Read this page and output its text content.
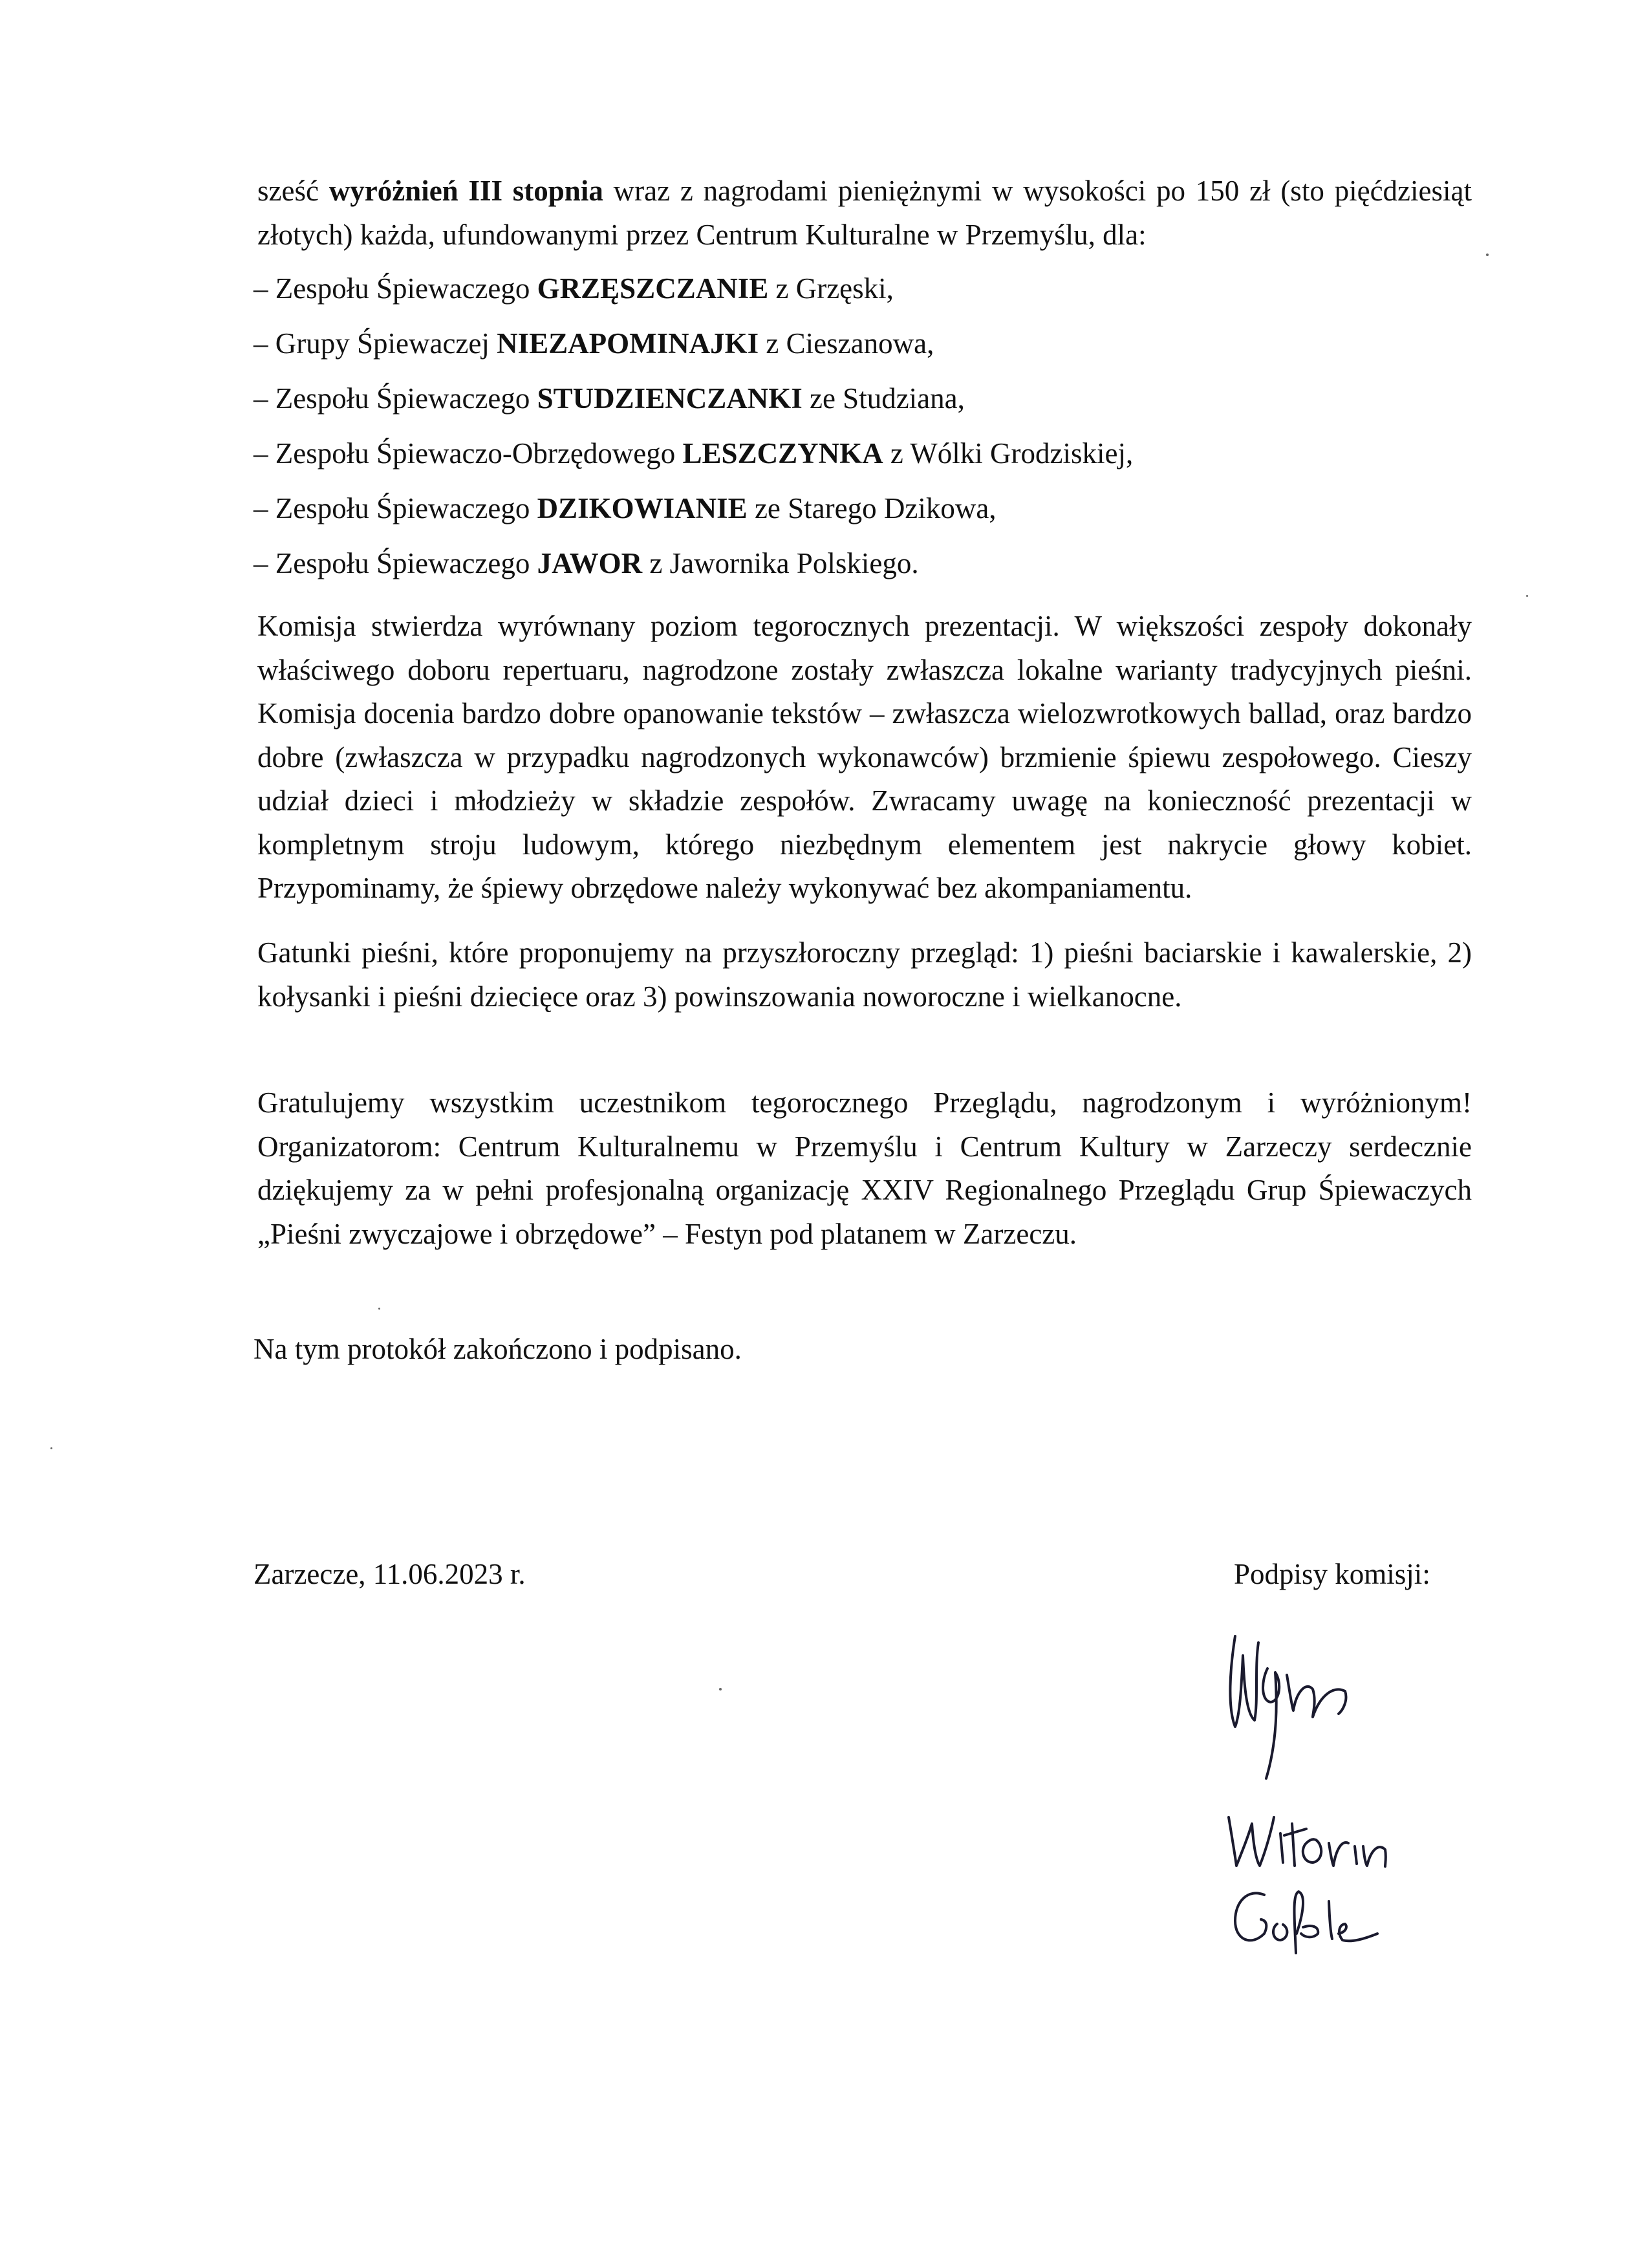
sześć wyróżnień III stopnia wraz z nagrodami pieniężnymi w wysokości po 150 zł (sto pięćdziesiąt złotych) każda, ufundowanymi przez Centrum Kulturalne w Przemyślu, dla:
– Zespołu Śpiewaczego GRZĘSZCZANIE z Grzęski,
– Grupy Śpiewaczej NIEZAPOMINAJKI z Cieszanowa,
– Zespołu Śpiewaczego STUDZIENCZANKI ze Studziana,
– Zespołu Śpiewaczo-Obrzędowego LESZCZYNKA z Wólki Grodziskiej,
– Zespołu Śpiewaczego DZIKOWIANIE ze Starego Dzikowa,
– Zespołu Śpiewaczego JAWOR z Jawornika Polskiego.
Komisja stwierdza wyrównany poziom tegorocznych prezentacji. W większości zespoły dokonały właściwego doboru repertuaru, nagrodzone zostały zwłaszcza lokalne warianty tradycyjnych pieśni. Komisja docenia bardzo dobre opanowanie tekstów – zwłaszcza wielozwrotkowych ballad, oraz bardzo dobre (zwłaszcza w przypadku nagrodzonych wykonawców) brzmienie śpiewu zespołowego. Cieszy udział dzieci i młodzieży w składzie zespołów. Zwracamy uwagę na konieczność prezentacji w kompletnym stroju ludowym, którego niezbędnym elementem jest nakrycie głowy kobiet. Przypominamy, że śpiewy obrzędowe należy wykonywać bez akompaniamentu.
Gatunki pieśni, które proponujemy na przyszłoroczny przegląd: 1) pieśni baciarskie i kawalerskie, 2) kołysanki i pieśni dziecięce oraz 3) powinszowania noworoczne i wielkanocne.
Gratulujemy wszystkim uczestnikom tegorocznego Przeglądu, nagrodzonym i wyróżnionym! Organizatorom: Centrum Kulturalnemu w Przemyślu i Centrum Kultury w Zarzeczy serdecznie dziękujemy za w pełni profesjonalną organizację XXIV Regionalnego Przeglądu Grup Śpiewaczych „Pieśni zwyczajowe i obrzędowe” – Festyn pod platanem w Zarzeczu.
Na tym protokół zakończono i podpisano.
Zarzecze, 11.06.2023 r.	Podpisy komisji:
